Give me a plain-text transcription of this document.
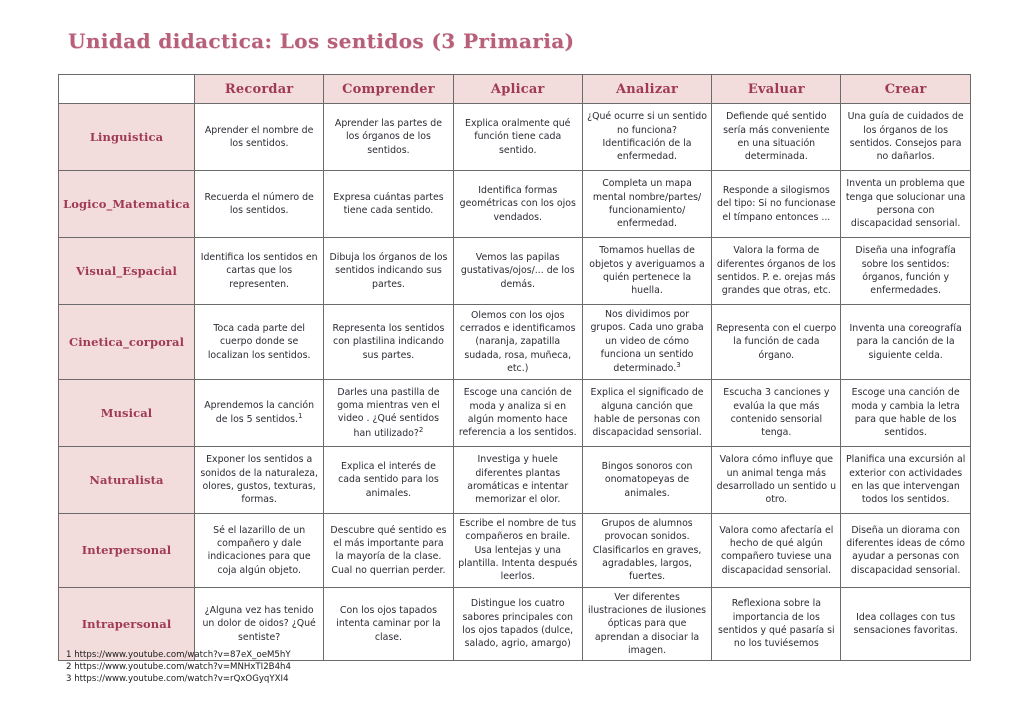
Unidad didactica: Los sentidos (3 Primaria)
	Recordar	Comprender	Aplicar	Analizar	Evaluar	Crear
Linguistica	Aprender el nombre de los sentidos.	Aprender las partes de los órganos de los sentidos.	Explica oralmente qué función tiene cada sentido.	¿Qué ocurre si un sentido no funciona? Identificación de la enfermedad.	Defiende qué sentido sería más conveniente en una situación determinada.	Una guía de cuidados de los órganos de los sentidos. Consejos para no dañarlos.

Logico_Matematica	Recuerda el número de los sentidos.	Expresa cuántas partes tiene cada sentido.	Identifica formas geométricas con los ojos vendados.	Completa un mapa mental nombre/partes/ funcionamiento/ enfermedad.	Responde a silogismos del tipo: Si no funcionase el tímpano entonces ...	Inventa un problema que tenga que solucionar una persona con discapacidad sensorial.

Visual_Espacial	Identifica los sentidos en cartas que los representen.	Dibuja los órganos de los sentidos indicando sus partes.	Vemos las papilas gustativas/ojos/... de los demás.	Tomamos huellas de objetos y averiguamos a quién pertenece la huella.	Valora la forma de diferentes órganos de los sentidos. P. e. orejas más grandes que otras, etc.	Diseña una infografía sobre los sentidos: órganos, función y enfermedades.

Cinetica_corporal	Toca cada parte del cuerpo donde se localizan los sentidos.	Representa los sentidos con plastilina indicando sus partes.	Olemos con los ojos cerrados e identificamos (naranja, zapatilla sudada, rosa, muñeca, etc.)	Nos dividimos por grupos. Cada uno graba un video de cómo funciona un sentido determinado.$^3$	Representa con el cuerpo la función de cada órgano.	Inventa una coreografía para la canción de la siguiente celda.

Musical	Aprendemos la canción de los 5 sentidos.$^1$	Darles una pastilla de goma mientras ven el video . ¿Qué sentidos han utilizado?$^2$	Escoge una canción de moda y analiza si en algún momento hace referencia a los sentidos.	Explica el significado de alguna canción que hable de personas con discapacidad sensorial.	Escucha 3 canciones y evalúa la que más contenido sensorial tenga.	Escoge una canción de moda y cambia la letra para que hable de los sentidos.

Naturalista	Exponer los sentidos a sonidos de la naturaleza, olores, gustos, texturas, formas.	Explica el interés de cada sentido para los animales.	Investiga y huele diferentes plantas aromáticas e intentar memorizar el olor.	Bingos sonoros con onomatopeyas de animales.	Valora cómo influye que un animal tenga más desarrollado un sentido u otro.	Planifica una excursión al exterior con actividades en las que intervengan todos los sentidos.

Interpersonal	Sé el lazarillo de un compañero y dale indicaciones para que coja algún objeto.	Descubre qué sentido es el más importante para la mayoría de la clase. Cual no querrian perder.	Escribe el nombre de tus compañeros en braile. Usa lentejas y una plantilla. Intenta después leerlos.	Grupos de alumnos provocan sonidos. Clasificarlos en graves, agradables, largos, fuertes.	Valora como afectaría el hecho de qué algún compañero tuviese una discapacidad sensorial.	Diseña un diorama con diferentes ideas de cómo ayudar a personas con discapacidad sensorial.

Intrapersonal	¿Alguna vez has tenido un dolor de oidos? ¿Qué sentiste?	Con los ojos tapados intenta caminar por la clase.	Distingue los cuatro sabores principales con los ojos tapados (dulce, salado, agrio, amargo)	Ver diferentes ilustraciones de ilusiones ópticas para que aprendan a disociar la imagen.	Reflexiona sobre la importancia de los sentidos y qué pasaría si no los tuviésemos	Idea collages con tus sensaciones favoritas.
1 https://www.youtube.com/watch?v=87eX_oeM5hY
2 https://www.youtube.com/watch?v=MNHxTI2B4h4
3 https://www.youtube.com/watch?v=rQxOGyqYXI4
